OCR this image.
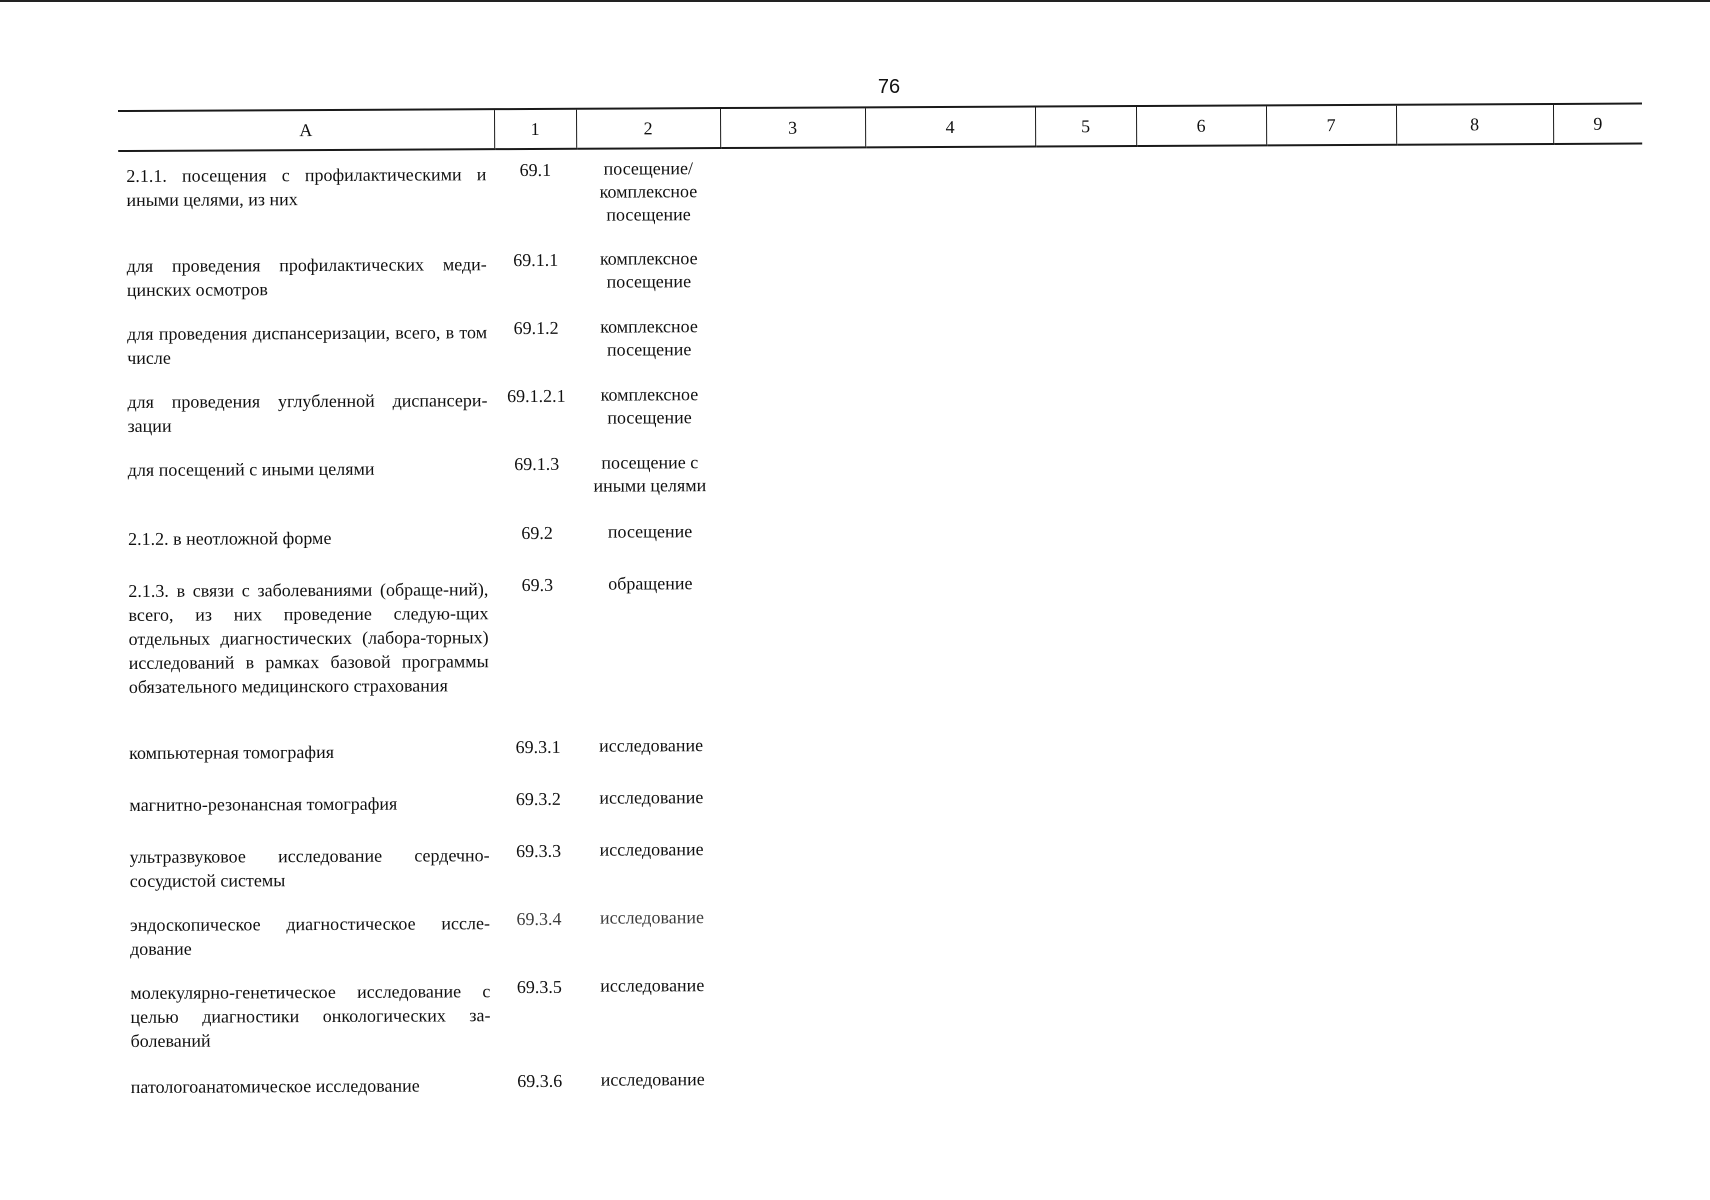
76
А	1	2	3	4	5	6	7	8	9
2.1.1. посещения с профилактическими и иными целями, из них	69.1	посещение/ комплексное посещение							
для проведения профилактических меди-цинских осмотров	69.1.1	комплексное посещение							
для проведения диспансеризации, всего, в том числе	69.1.2	комплексное посещение							
для проведения углубленной диспансери-зации	69.1.2.1	комплексное посещение							
для посещений с иными целями	69.1.3	посещение с иными целями							
2.1.2. в неотложной форме	69.2	посещение							
2.1.3. в связи с заболеваниями (обраще-ний), всего, из них проведение следую-щих отдельных диагностических (лабора-торных) исследований в рамках базовой программы обязательного медицинского страхования	69.3	обращение							
компьютерная томография	69.3.1	исследование							
магнитно-резонансная томография	69.3.2	исследование							
ультразвуковое исследование сердечно-сосудистой системы	69.3.3	исследование							
эндоскопическое диагностическое иссле-дование	69.3.4	исследование							
молекулярно-генетическое исследование с целью диагностики онкологических за-болеваний	69.3.5	исследование							
патологоанатомическое исследование	69.3.6	исследование							
